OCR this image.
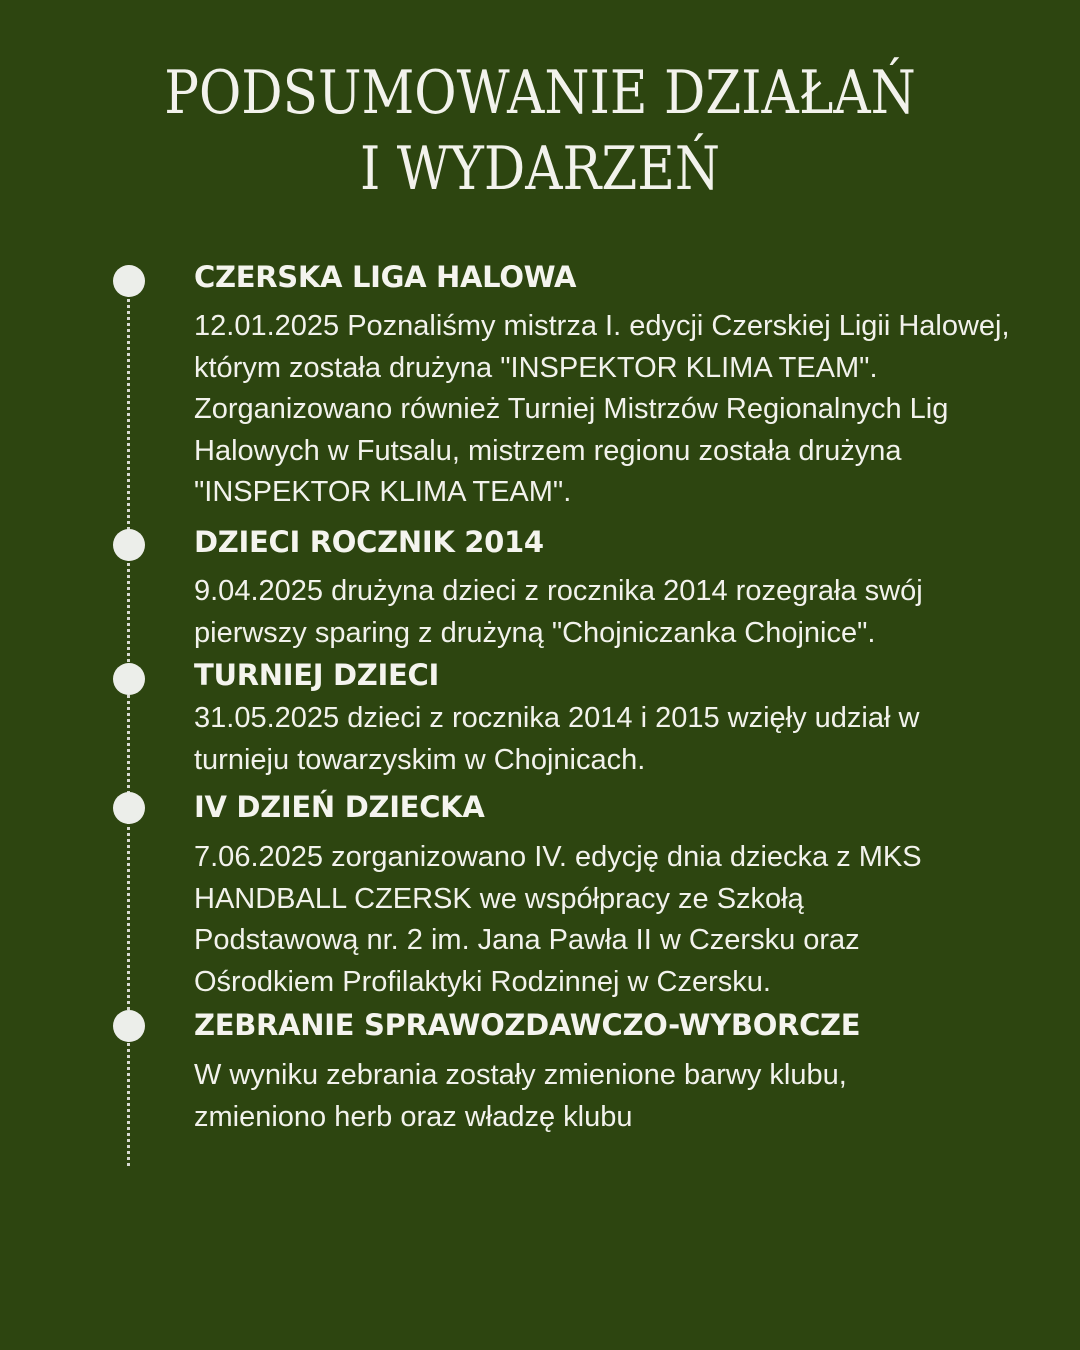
PODSUMOWANIE DZIAŁAŃ
I WYDARZEŃ
CZERSKA LIGA HALOWA
12.01.2025 Poznaliśmy mistrza I. edycji Czerskiej Ligii Halowej,
którym została drużyna "INSPEKTOR KLIMA TEAM".
Zorganizowano również Turniej Mistrzów Regionalnych Lig
Halowych w Futsalu, mistrzem regionu została drużyna
"INSPEKTOR KLIMA TEAM".
DZIECI ROCZNIK 2014
9.04.2025 drużyna dzieci z rocznika 2014 rozegrała swój
pierwszy sparing z drużyną "Chojniczanka Chojnice".
TURNIEJ DZIECI
31.05.2025 dzieci z rocznika 2014 i 2015 wzięły udział w
turnieju towarzyskim w Chojnicach.
IV DZIEŃ DZIECKA
7.06.2025 zorganizowano IV. edycję dnia dziecka z MKS
HANDBALL CZERSK we współpracy ze Szkołą
Podstawową nr. 2 im. Jana Pawła II w Czersku oraz
Ośrodkiem Profilaktyki Rodzinnej w Czersku.
ZEBRANIE SPRAWOZDAWCZO-WYBORCZE
W wyniku zebrania zostały zmienione barwy klubu,
zmieniono herb oraz władzę klubu
